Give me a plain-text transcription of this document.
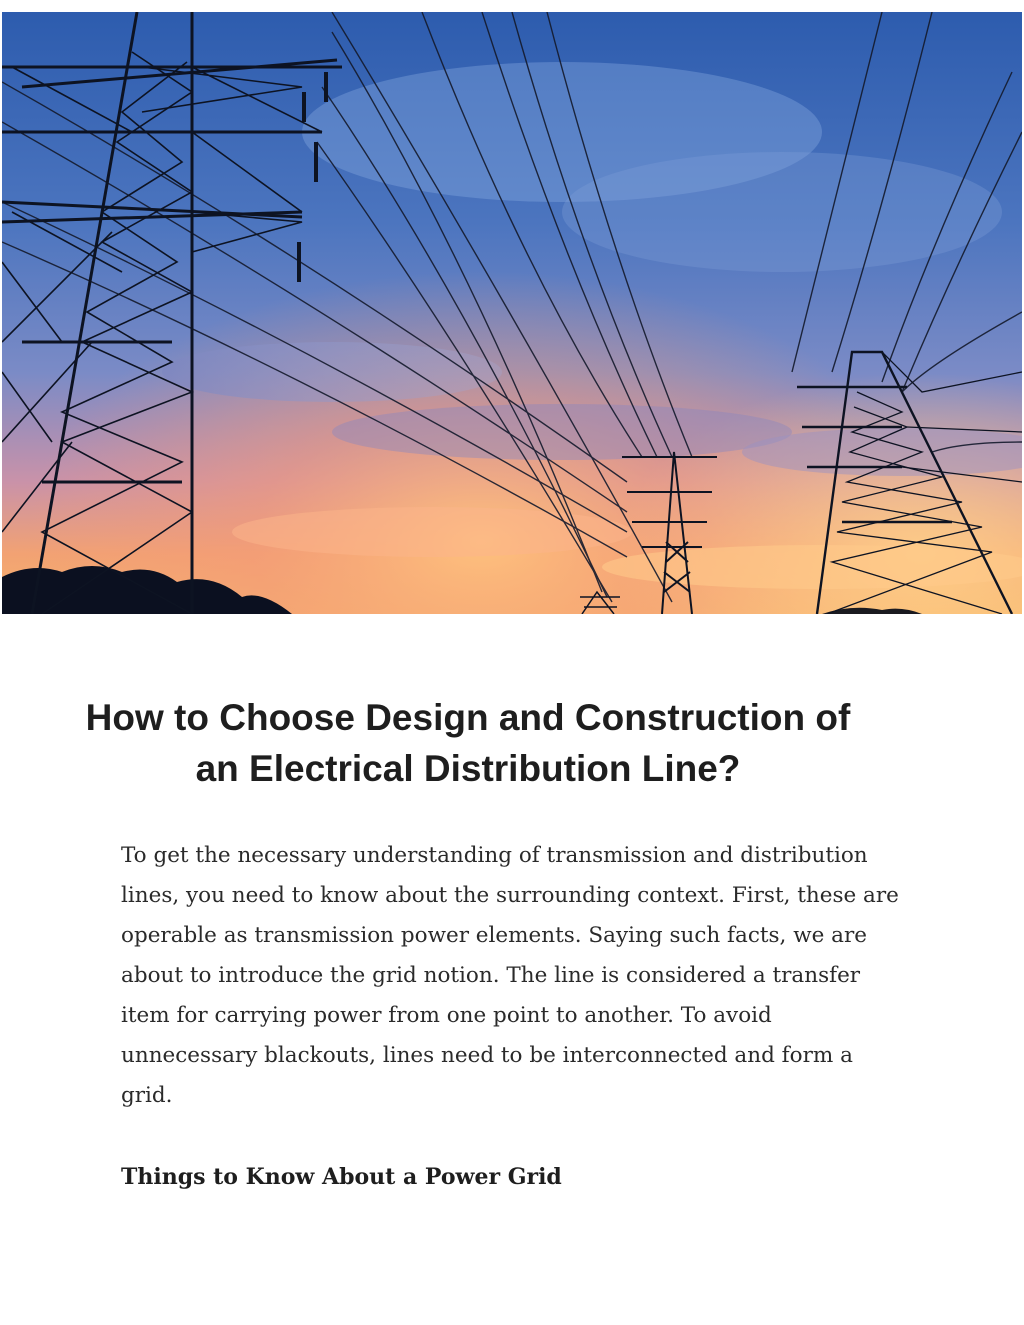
How to Choose Design and Construction of
an Electrical Distribution Line?

To get the necessary understanding of transmission and distribution
lines, you need to know about the surrounding context. First, these are
operable as transmission power elements. Saying such facts, we are
about to introduce the grid notion. The line is considered a transfer
item for carrying power from one point to another. To avoid
unnecessary blackouts, lines need to be interconnected and form a
grid.

Things to Know About a Power Grid
